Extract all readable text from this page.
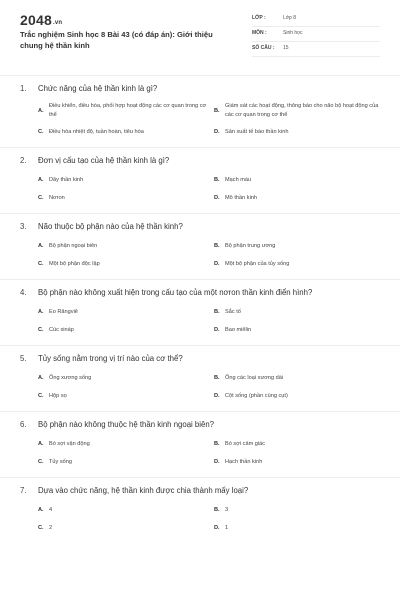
2048.vn
Trắc nghiệm Sinh học 8 Bài 43 (có đáp án): Giới thiệu chung hệ thần kinh
LỚP :	Lớp 8
MÔN :	Sinh học
SỐ CÂU : 15
1.	Chức năng của hệ thần kinh là gì?
A.
Điều khiển, điều hòa, phối hợp hoạt động các cơ quan trong cơ thể
B.
Giám sát các hoạt động, thông báo cho não bộ hoạt động của các cơ quan trong cơ thể
C. Điều hòa nhiệt độ, tuần hoàn, tiêu hóa	D. Sản xuất tế bào thần kinh
2.	Đơn vị cấu tạo của hệ thần kinh là gì?
A. Dây thần kinh	B. Mạch máu
C. Nơron	D. Mô thần kinh
3.	Não thuộc bộ phận nào của hệ thần kinh?
A. Bộ phận ngoại biên	B. Bộ phận trung ương
C. Một bộ phận độc lập	D. Một bộ phận của tủy sống
4.	Bộ phận nào không xuất hiện trong cấu tạo của một nơron thần kinh điển hình?
A. Eo Răngviê	B. Sắc tố
C. Cúc xináp	D. Bao miêlin
5.	Tủy sống nằm trong vị trí nào của cơ thể?
A. Ống xương sống	B. Ống các loại xương dài
C. Hộp sọ	D. Cột sống (phần cùng cụt)
6.	Bộ phận nào không thuộc hệ thần kinh ngoại biên?
A. Bó sợi vận động	B. Bó sợi cảm giác
C. Tủy sống	D. Hạch thần kinh
7.	Dựa vào chức năng, hệ thần kinh được chia thành mấy loại?
A. 4	B. 3
C. 2	D. 1
